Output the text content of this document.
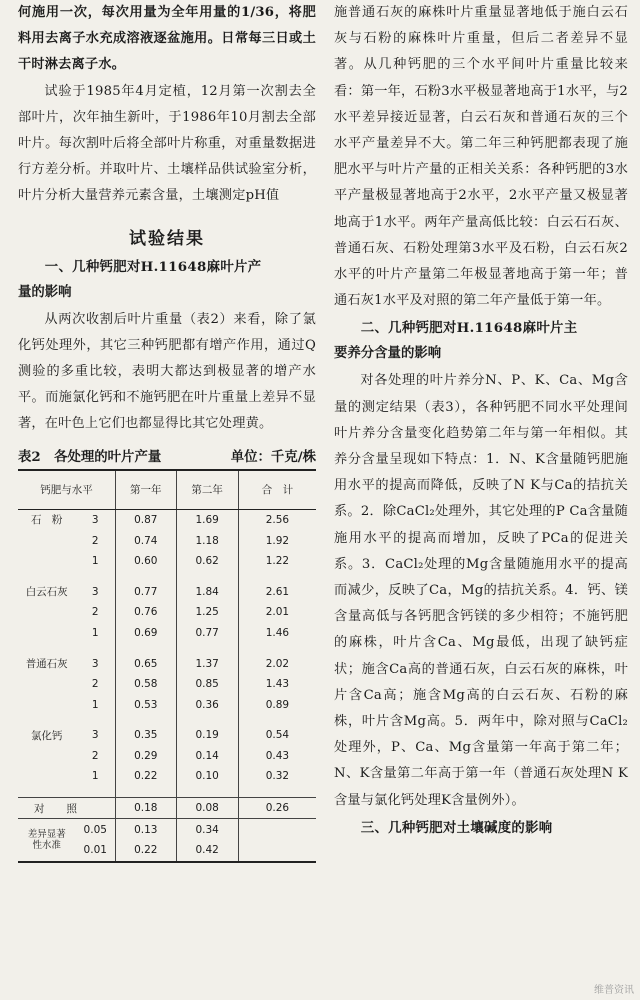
何施用一次，每次用量为全年用量的1/36，将肥料用去离子水充成溶液逐盆施用。日常每三日或土干时淋去离子水。

试验于1985年4月定植，12月第一次割去全部叶片，次年抽生新叶，于1986年10月割去全部叶片。每次割叶后将全部叶片称重，对重量数据进行方差分析。并取叶片、土壤样品供试验室分析，叶片分析大量营养元素含量，土壤测定pH值

试验结果

一、几种钙肥对H.11648麻叶片产

量的影响

从两次收割后叶片重量（表2）来看，除了氯化钙处理外，其它三种钙肥都有增产作用，通过Q测验的多重比较，表明大都达到极显著的增产水平。而施氯化钙和不施钙肥在叶片重量上差异不显著，在叶色上它们也都显得比其它处理黄。

表2　各处理的叶片产量	单位：千克/株
钙肥与水平		第一年	第二年	合　计
石　粉	3	0.87	1.69	2.56
	2	0.74	1.18	1.92
	1	0.60	0.62	1.22

白云石灰	3	0.77	1.84	2.61
	2	0.76	1.25	2.01
	1	0.69	0.77	1.46

普通石灰	3	0.65	1.37	2.02
	2	0.58	0.85	1.43
	1	0.53	0.36	0.89

氯化钙	3	0.35	0.19	0.54
	2	0.29	0.14	0.43
	1	0.22	0.10	0.32

对照		0.18	0.08	0.26

差异显著
性水准	0.05	0.13	0.34	
	0.01	0.22	0.42	

施普通石灰的麻株叶片重量显著地低于施白云石灰与石粉的麻株叶片重量，但后二者差异不显著。从几种钙肥的三个水平间叶片重量比较来看：第一年，石粉3水平极显著地高于1水平，与2水平差异接近显著，白云石灰和普通石灰的三个水平产量差异不大。第二年三种钙肥都表现了施肥水平与叶片产量的正相关关系：各种钙肥的3水平产量极显著地高于2水平，2水平产量又极显著地高于1水平。两年产量高低比较：白云石石灰、普通石灰、石粉处理第3水平及石粉，白云石灰2水平的叶片产量第二年极显著地高于第一年；普通石灰1水平及对照的第二年产量低于第一年。

二、几种钙肥对H.11648麻叶片主

要养分含量的影响

对各处理的叶片养分N、P、K、Ca、Mg含量的测定结果（表3），各种钙肥不同水平处理间叶片养分含量变化趋势第二年与第一年相似。其养分含量呈现如下特点：1．N、K含量随钙肥施用水平的提高而降低，反映了N K与Ca的拮抗关系。2．除CaCl₂处理外，其它处理的P Ca含量随施用水平的提高而增加，反映了PCa的促进关系。3．CaCl₂处理的Mg含量随施用水平的提高而减少，反映了Ca，Mg的拮抗关系。4．钙、镁含量高低与各钙肥含钙镁的多少相符；不施钙肥的麻株，叶片含Ca、Mg最低，出现了缺钙症状；施含Ca高的普通石灰，白云石灰的麻株，叶片含Ca高；施含Mg高的白云石灰、石粉的麻株，叶片含Mg高。5．两年中，除对照与CaCl₂处理外，P、Ca、Mg含量第一年高于第二年；N、K含量第二年高于第一年（普通石灰处理N K含量与氯化钙处理K含量例外）。

三、几种钙肥对土壤碱度的影响

维普资讯
